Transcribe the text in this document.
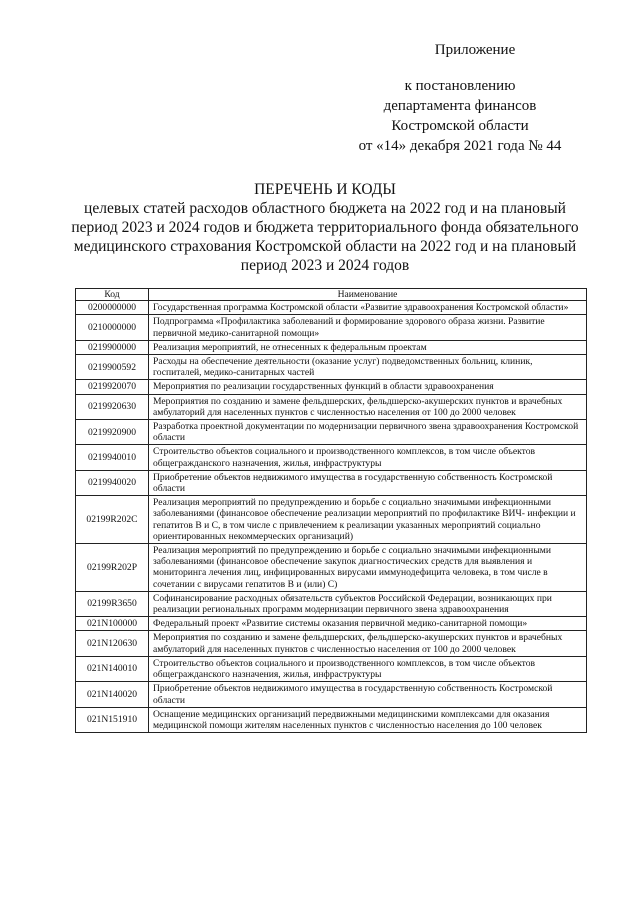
Приложение
к постановлению
департамента финансов
Костромской области
от «14» декабря 2021 года № 44
ПЕРЕЧЕНЬ И КОДЫ
целевых статей расходов областного бюджета на 2022 год и на плановый
период 2023 и 2024 годов и бюджета территориального фонда обязательного
медицинского страхования Костромской области на 2022 год и на плановый
период 2023 и 2024 годов
Код	Наименование
0200000000	Государственная программа Костромской области «Развитие здравоохранения Костромской области»
0210000000	Подпрограмма «Профилактика заболеваний и формирование здорового образа жизни. Развитие первичной медико-санитарной помощи»
0219900000	Реализация мероприятий, не отнесенных к федеральным проектам
0219900592	Расходы на обеспечение деятельности (оказание услуг) подведомственных больниц, клиник, госпиталей, медико-санитарных частей
0219920070	Мероприятия по реализации государственных функций в области здравоохранения
0219920630	Мероприятия по созданию и замене фельдшерских, фельдшерско-акушерских пунктов и врачебных амбулаторий для населенных пунктов с численностью населения от 100 до 2000 человек
0219920900	Разработка проектной документации по модернизации первичного звена здравоохранения Костромской области
0219940010	Строительство объектов социального и производственного комплексов, в том числе объектов общегражданского назначения, жилья, инфраструктуры
0219940020	Приобретение объектов недвижимого имущества в государственную собственность Костромской области
02199R202C	Реализация мероприятий по предупреждению и борьбе с социально значимыми инфекционными заболеваниями (финансовое обеспечение реализации мероприятий по профилактике ВИЧ- инфекции и гепатитов В и С, в том числе с привлечением к реализации указанных мероприятий социально ориентированных некоммерческих организаций)
02199R202P	Реализация мероприятий по предупреждению и борьбе с социально значимыми инфекционными заболеваниями (финансовое обеспечение закупок диагностических средств для выявления и мониторинга лечения лиц, инфицированных вирусами иммунодефицита человека, в том числе в сочетании с вирусами гепатитов В и (или) С)
02199R3650	Софинансирование расходных обязательств субъектов Российской Федерации, возникающих при реализации региональных программ модернизации первичного звена здравоохранения
021N100000	Федеральный проект «Развитие системы оказания первичной медико-санитарной помощи»
021N120630	Мероприятия по созданию и замене фельдшерских, фельдшерско-акушерских пунктов и врачебных амбулаторий для населенных пунктов с численностью населения от 100 до 2000 человек
021N140010	Строительство объектов социального и производственного комплексов, в том числе объектов общегражданского назначения, жилья, инфраструктуры
021N140020	Приобретение объектов недвижимого имущества в государственную собственность Костромской области
021N151910	Оснащение медицинских организаций передвижными медицинскими комплексами для оказания медицинской помощи жителям населенных пунктов с численностью населения до 100 человек
